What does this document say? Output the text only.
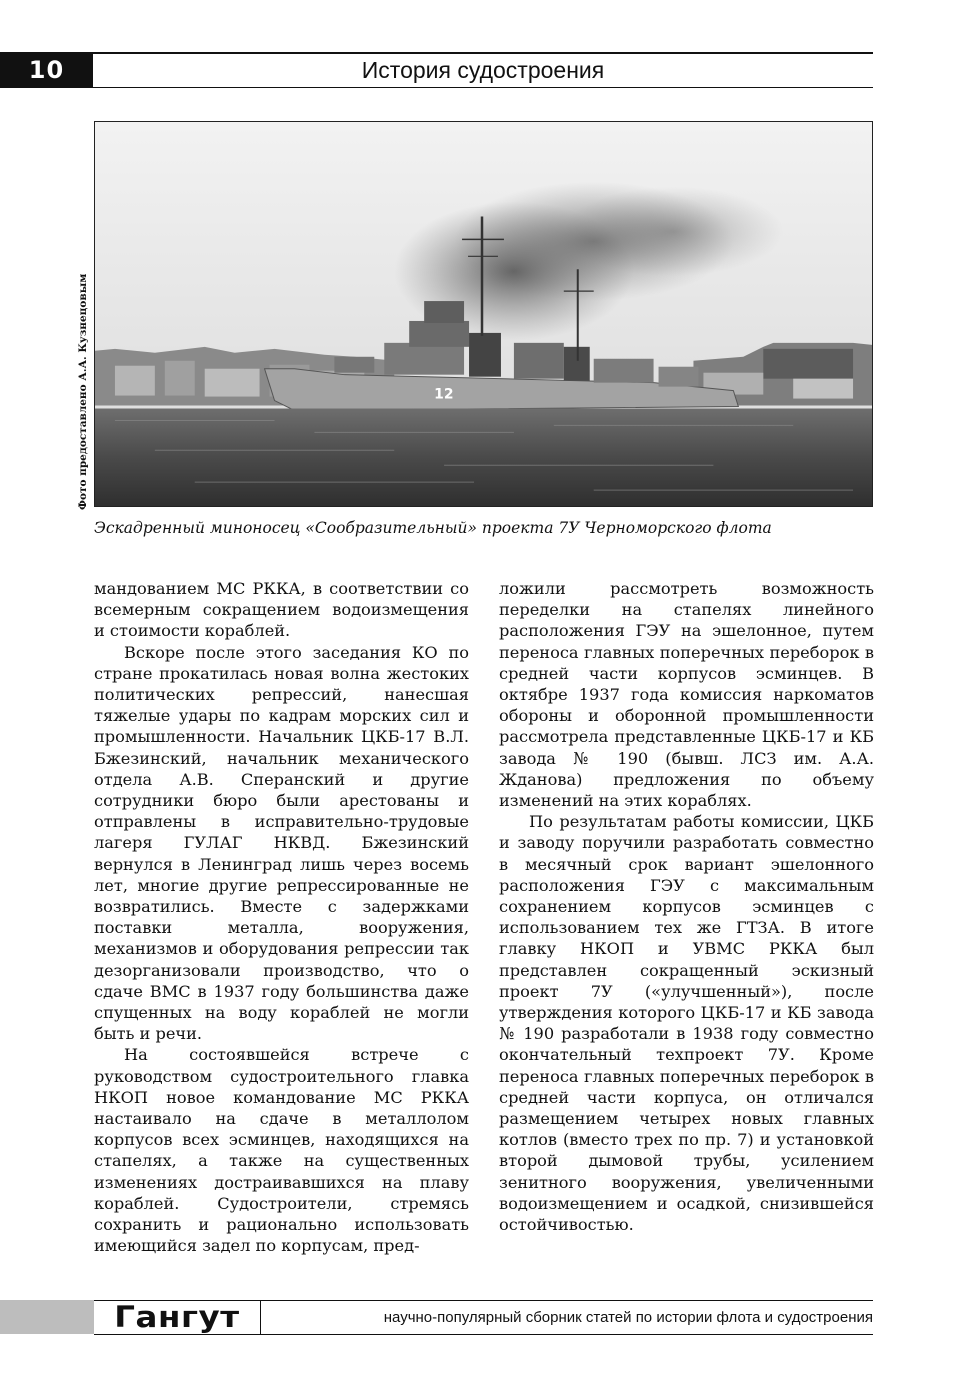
10	История судостроения
12
Фото предоставлено А.А. Кузнецовым
Эскадренный миноносец «Сообразительный» проекта 7У Черноморского флота

мандованием МС РККА, в соответствии со всемерным сокращением водоизмещения и стоимости кораблей.

Вскоре после этого заседания КО по стране прокатилась новая волна жестоких политических репрессий, нанесшая тяжелые удары по кадрам морских сил и промышленности. Начальник ЦКБ-17 В.Л. Бжезинский, начальник механического отдела А.В. Сперанский и другие сотрудники бюро были арестованы и отправлены в исправительно-трудовые лагеря ГУЛАГ НКВД. Бжезинский вернулся в Ленинград лишь через восемь лет, многие другие репрессированные не возвратились. Вместе с задержками поставки металла, вооружения, механизмов и оборудования репрессии так дезорганизовали производство, что о сдаче ВМС в 1937 году большинства даже спущенных на воду кораблей не могли быть и речи.

На состоявшейся встрече с руководством судостроительного главка НКОП новое командование МС РККА настаивало на сдаче в металлолом корпусов всех эсминцев, находящихся на стапелях, а также на существенных изменениях достраивавшихся на плаву кораблей. Судостроители, стремясь сохранить и рационально использовать имеющийся задел по корпусам, пред-

ложили рассмотреть возможность переделки на стапелях линейного расположения ГЭУ на эшелонное, путем переноса главных поперечных переборок в средней части корпусов эсминцев. В октябре 1937 года комиссия наркоматов обороны и оборонной промышленности рассмотрела представленные ЦКБ-17 и КБ завода № 190 (бывш. ЛСЗ им. А.А. Жданова) предложения по объему изменений на этих кораблях.

По результатам работы комиссии, ЦКБ и заводу поручили разработать совместно в месячный срок вариант эшелонного расположения ГЭУ с максимальным сохранением корпусов эсминцев с использованием тех же ГТЗА. В итоге главку НКОП и УВМС РККА был представлен сокращенный эскизный проект 7У («улучшенный»), после утверждения которого ЦКБ-17 и КБ завода № 190 разработали в 1938 году совместно окончательный техпроект 7У. Кроме переноса главных поперечных переборок в средней части корпуса, он отличался размещением четырех новых главных котлов (вместо трех по пр. 7) и установкой второй дымовой трубы, усилением зенитного вооружения, увеличенными водоизмещением и осадкой, снизившейся остойчивостью.

Гангут	научно-популярный сборник статей по истории флота и судостроения
